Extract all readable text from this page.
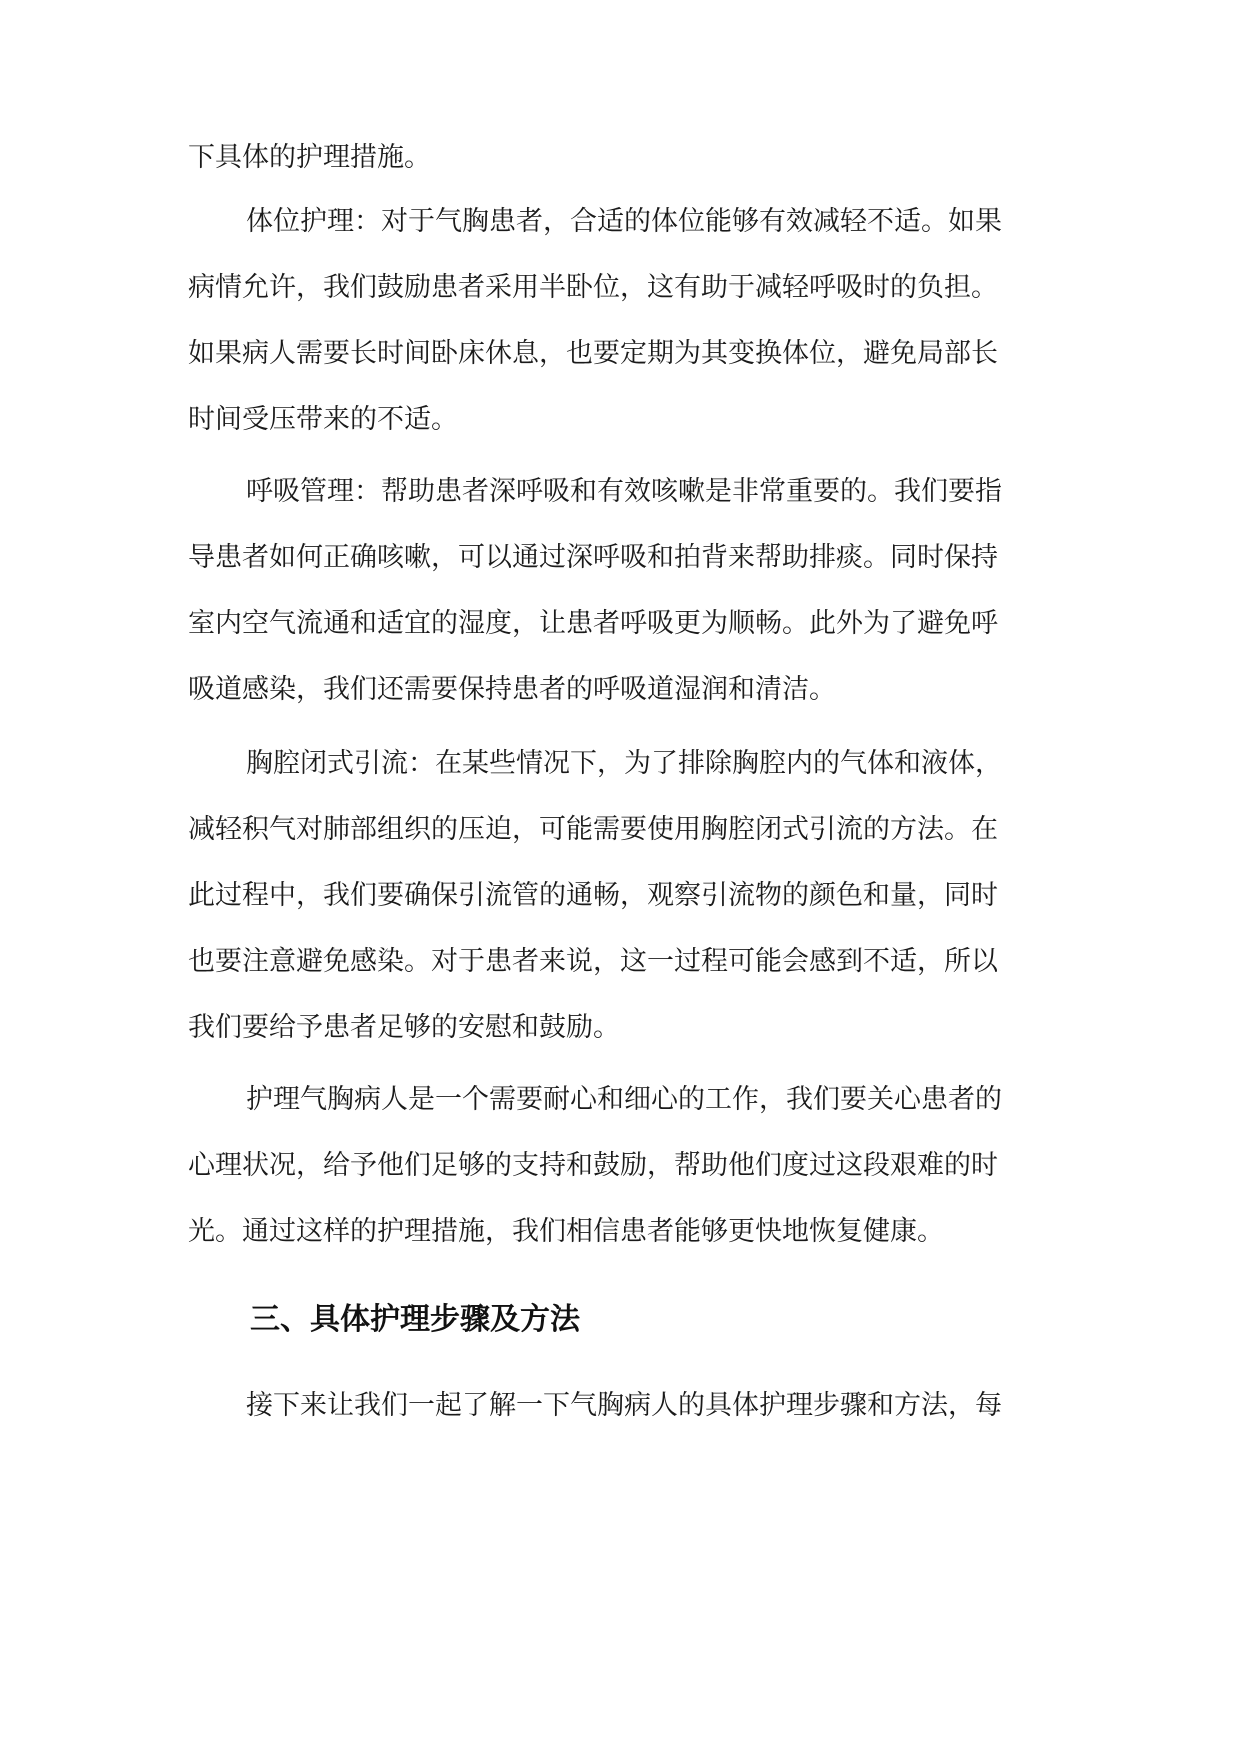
下具体的护理措施。
体位护理：对于气胸患者，合适的体位能够有效减轻不适。如果
病情允许，我们鼓励患者采用半卧位，这有助于减轻呼吸时的负担。
如果病人需要长时间卧床休息，也要定期为其变换体位，避免局部长
时间受压带来的不适。
呼吸管理：帮助患者深呼吸和有效咳嗽是非常重要的。我们要指
导患者如何正确咳嗽，可以通过深呼吸和拍背来帮助排痰。同时保持
室内空气流通和适宜的湿度，让患者呼吸更为顺畅。此外为了避免呼
吸道感染，我们还需要保持患者的呼吸道湿润和清洁。
胸腔闭式引流：在某些情况下，为了排除胸腔内的气体和液体，
减轻积气对肺部组织的压迫，可能需要使用胸腔闭式引流的方法。在
此过程中，我们要确保引流管的通畅，观察引流物的颜色和量，同时
也要注意避免感染。对于患者来说，这一过程可能会感到不适，所以
我们要给予患者足够的安慰和鼓励。
护理气胸病人是一个需要耐心和细心的工作，我们要关心患者的
心理状况，给予他们足够的支持和鼓励，帮助他们度过这段艰难的时
光。通过这样的护理措施，我们相信患者能够更快地恢复健康。
三、具体护理步骤及方法
接下来让我们一起了解一下气胸病人的具体护理步骤和方法，每
